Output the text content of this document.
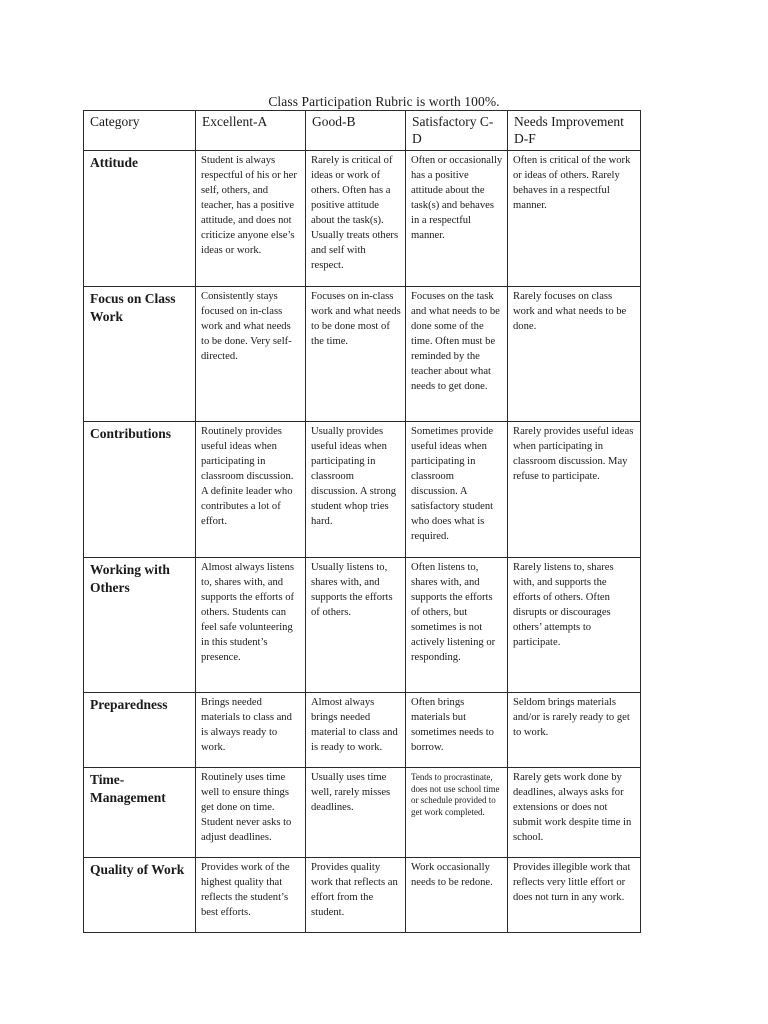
Class Participation Rubric is worth 100%.
Category	Excellent-A	Good-B	Satisfactory C-D	Needs Improvement D-F
Attitude	Student is always respectful of his or her self, others, and teacher, has a positive attitude, and does not criticize anyone else’s ideas or work.	Rarely is critical of ideas or work of others. Often has a positive attitude about the task(s). Usually treats others and self with respect.	Often or occasionally has a positive attitude about the task(s) and behaves in a respectful manner.	Often is critical of the work or ideas of others. Rarely behaves in a respectful manner.
Focus on Class Work	Consistently stays focused on in-class work and what needs to be done. Very self-directed.	Focuses on in-class work and what needs to be done most of the time.	Focuses on the task and what needs to be done some of the time. Often must be reminded by the teacher about what needs to get done.	Rarely focuses on class work and what needs to be done.
Contributions	Routinely provides useful ideas when participating in classroom discussion. A definite leader who contributes a lot of effort.	Usually provides useful ideas when participating in classroom discussion. A strong student whop tries hard.	Sometimes provide useful ideas when participating in classroom discussion. A satisfactory student who does what is required.	Rarely provides useful ideas when participating in classroom discussion. May refuse to participate.
Working with Others	Almost always listens to, shares with, and supports the efforts of others. Students can feel safe volunteering in this student’s presence.	Usually listens to, shares with, and supports the efforts of others.	Often listens to, shares with, and supports the efforts of others, but sometimes is not actively listening or responding.	Rarely listens to, shares with, and supports the efforts of others. Often disrupts or discourages others’ attempts to participate.
Preparedness	Brings needed materials to class and is always ready to work.	Almost always brings needed material to class and is ready to work.	Often brings materials but sometimes needs to borrow.	Seldom brings materials and/or is rarely ready to get to work.
Time-Management	Routinely uses time well to ensure things get done on time. Student never asks to adjust deadlines.	Usually uses time well, rarely misses deadlines.	Tends to procrastinate, does not use school time or schedule provided to get work completed.	Rarely gets work done by deadlines, always asks for extensions or does not submit work despite time in school.
Quality of Work	Provides work of the highest quality that reflects the student’s best efforts.	Provides quality work that reflects an effort from the student.	Work occasionally needs to be redone.	Provides illegible work that reflects very little effort or does not turn in any work.
